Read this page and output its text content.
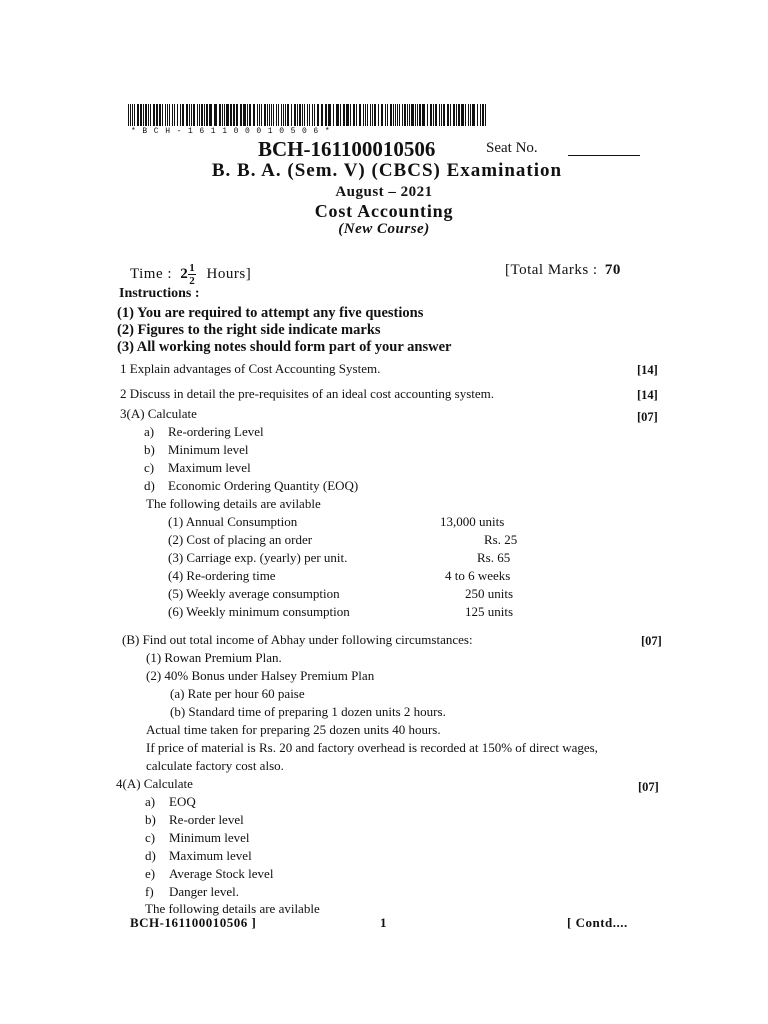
*BCH-161100010506*
BCH-161100010506	Seat No.
B. B. A. (Sem. V) (CBCS) Examination
August – 2021
Cost Accounting
(New Course)
Time : $2 \frac{1}{2}$ Hours]	[Total Marks : 70
Instructions :
(1) You are required to attempt any five questions
(2) Figures to the right side indicate marks
(3) All working notes should form part of your answer
1 Explain advantages of Cost Accounting System.	[14]
2 Discuss in detail the pre-requisites of an ideal cost accounting system.	[14]
3(A) Calculate	[07]
a) Re-ordering Level
b) Minimum level
c) Maximum level
d) Economic Ordering Quantity (EOQ)
The following details are avilable
(1) Annual Consumption	13,000 units
(2) Cost of placing an order	Rs. 25
(3) Carriage exp. (yearly) per unit.	Rs. 65
(4) Re-ordering time	4 to 6 weeks
(5) Weekly average consumption	250 units
(6) Weekly minimum consumption	125 units
(B) Find out total income of Abhay under following circumstances:	[07]
(1) Rowan Premium Plan.
(2) 40% Bonus under Halsey Premium Plan
(a) Rate per hour 60 paise
(b) Standard time of preparing 1 dozen units 2 hours.
Actual time taken for preparing 25 dozen units 40 hours.
If price of material is Rs. 20 and factory overhead is recorded at 150% of direct wages,
calculate factory cost also.
4(A) Calculate	[07]
a) EOQ
b) Re-order level
c) Minimum level
d) Maximum level
e) Average Stock level
f) Danger level.
The following details are avilable
BCH-161100010506 ]	1	[ Contd....
